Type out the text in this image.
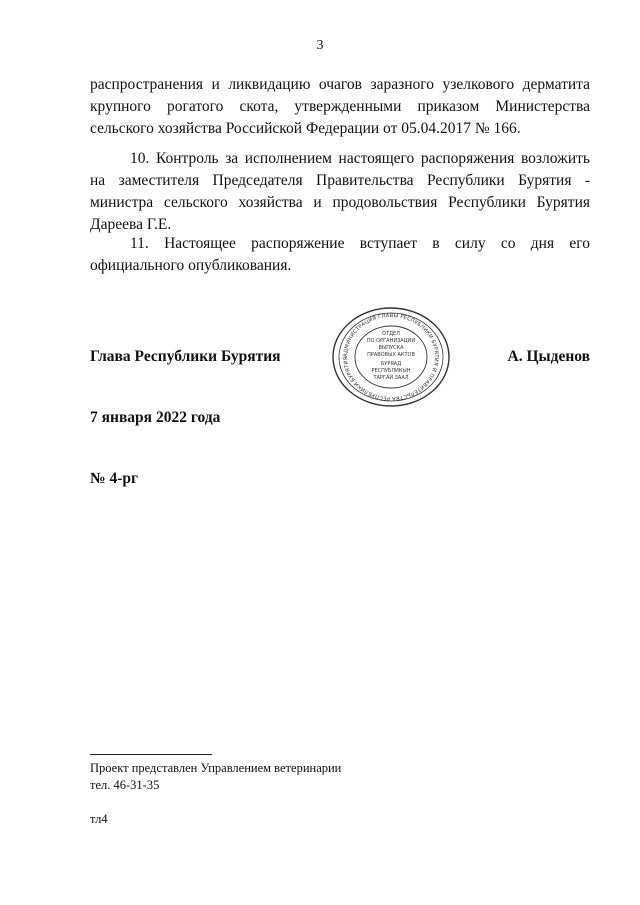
3

распространения и ликвидацию очагов заразного узелкового дерматита крупного рогатого скота, утвержденными приказом Министерства сельского хозяйства Российской Федерации от 05.04.2017 № 166.

10. Контроль за исполнением настоящего распоряжения возложить на заместителя Председателя Правительства Республики Бурятия - министра сельского хозяйства и продовольствия Республики Бурятия Дареева Г.Е.

11. Настоящее распоряжение вступает в силу со дня его официального опубликования.

Глава Республики Бурятия	АДМИНИСТРАЦИЯ ГЛАВЫ РЕСПУБЛИКИ БУРЯТИЯ И ПРАВИТЕЛЬСТВА РЕСПУБЛИКИ БУРЯТИЯ
ОТДЕЛ
ПО ОРГАНИЗАЦИИ
ВЫПУСКА
ПРАВОВЫХ АКТОВ
БУРЯАД
РЕСПУБЛИКЫН
ТАРГАЙ ЗААЛ
А. Цыденов
7 января 2022 года
№ 4-рг
Проект представлен Управлением ветеринарии
тел. 46-31-35
тл4
